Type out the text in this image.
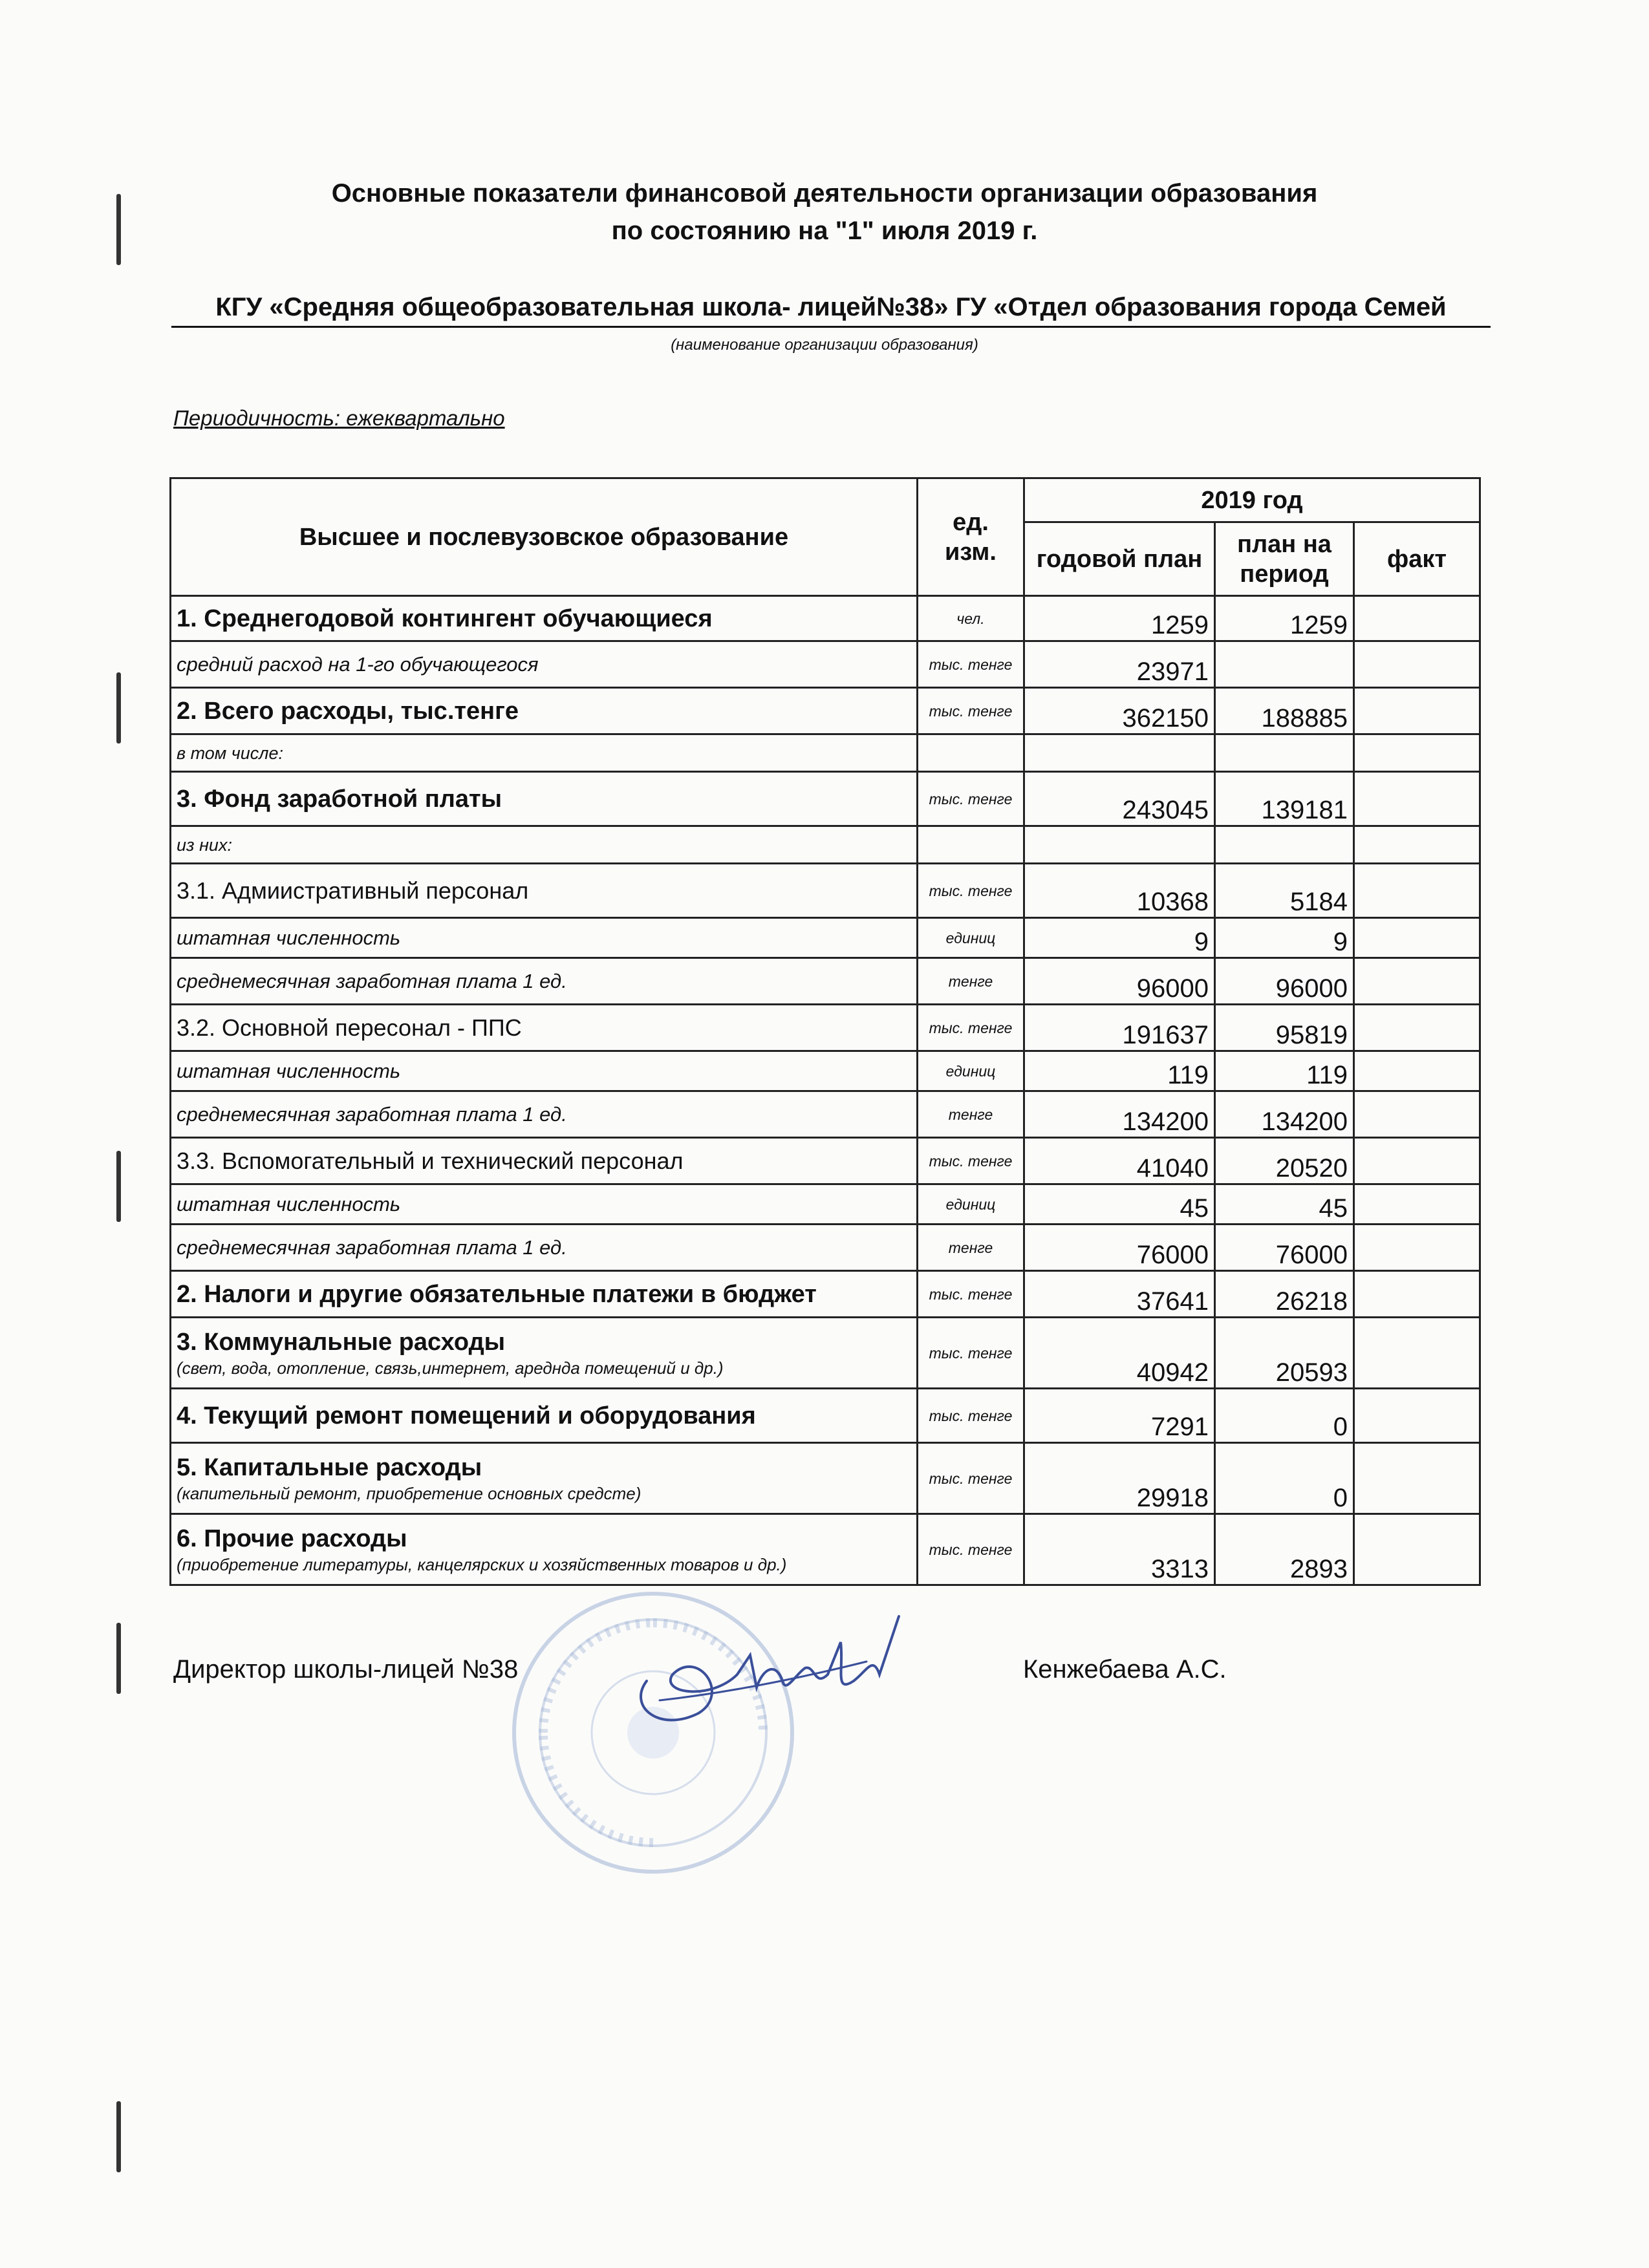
Основные показатели финансовой деятельности организации образования
по состоянию на "1" июля 2019 г.
КГУ «Средняя общеобразовательная школа- лицей№38» ГУ «Отдел образования города Семей
(наименование организации образования)
Периодичность: ежеквартально
Высшее и послевузовское образование	ед. изм.	2019 год		
		годовой план	план на период	факт

1. Среднегодовой контингент обучающиеся	чел.	1259	1259	

средний расход на 1-го обучающегося	тыс. тенге	23971		

2. Всего расходы, тыс.тенге	тыс. тенге	362150	188885	

в том числе:				

3. Фонд заработной платы	тыс. тенге	243045	139181	

из них:				

3.1. Адмиистративный персонал	тыс. тенге	10368	5184	

штатная численность	единиц	9	9	

среднемесячная заработная плата 1 ед.	тенге	96000	96000	

3.2. Основной пересонал - ППС	тыс. тенге	191637	95819	

штатная численность	единиц	119	119	

среднемесячная заработная плата 1 ед.	тенге	134200	134200	

3.3. Вспомогательный и технический персонал	тыс. тенге	41040	20520	

штатная численность	единиц	45	45	

среднемесячная заработная плата 1 ед.	тенге	76000	76000	

2. Налоги и другие обязательные платежи в бюджет	тыс. тенге	37641	26218	

3. Коммунальные расходы
(свет, вода, отопление, связь,интернет, аредндa помещений и др.)	тыс. тенге	40942	20593	

4. Текущий ремонт помещений и оборудования	тыс. тенге	7291	0	

5. Капитальные расходы
(капительный ремонт, приобретение основных средсте)	тыс. тенге	29918	0	

6. Прочие расходы
(приобретение литературы, канцелярских и хозяйственных товаров и др.)	тыс. тенге	3313	2893	
Директор школы-лицей №38	Кенжебаева А.С.
